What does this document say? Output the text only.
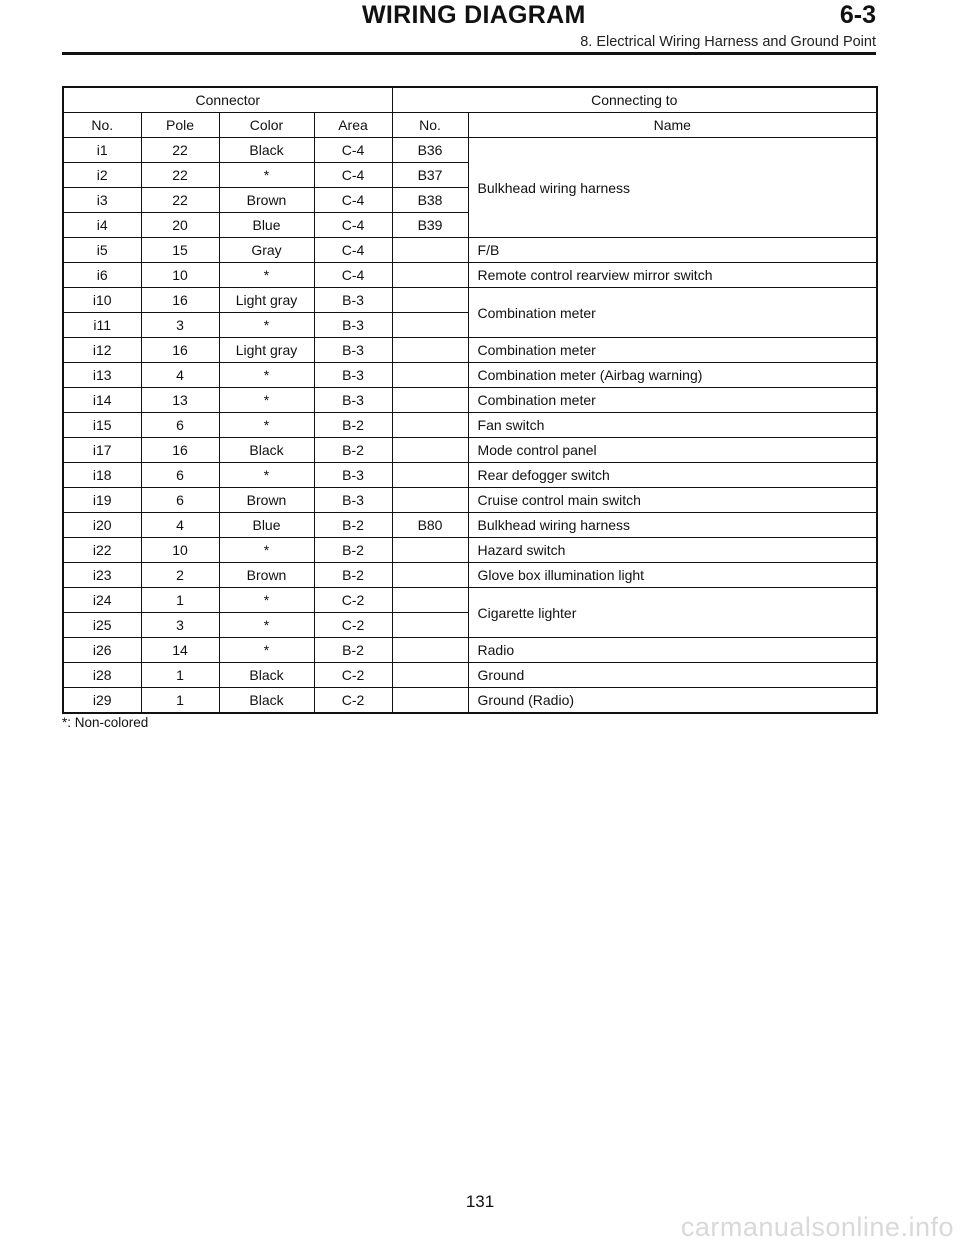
WIRING DIAGRAM	6-3
8. Electrical Wiring Harness and Ground Point
Connector				Connecting to	
No.	Pole	Color	Area	No.	Name
i1	22	Black	C-4	B36	Bulkhead wiring harness
i2	22	*	C-4	B37	
i3	22	Brown	C-4	B38	
i4	20	Blue	C-4	B39	
i5	15	Gray	C-4		F/B
i6	10	*	C-4		Remote control rearview mirror switch
i10	16	Light gray	B-3		Combination meter
i11	3	*	B-3		
i12	16	Light gray	B-3		Combination meter
i13	4	*	B-3		Combination meter (Airbag warning)
i14	13	*	B-3		Combination meter
i15	6	*	B-2		Fan switch
i17	16	Black	B-2		Mode control panel
i18	6	*	B-3		Rear defogger switch
i19	6	Brown	B-3		Cruise control main switch
i20	4	Blue	B-2	B80	Bulkhead wiring harness
i22	10	*	B-2		Hazard switch
i23	2	Brown	B-2		Glove box illumination light
i24	1	*	C-2		Cigarette lighter
i25	3	*	C-2		
i26	14	*	B-2		Radio
i28	1	Black	C-2		Ground
i29	1	Black	C-2		Ground (Radio)
*: Non-colored
131
carmanualsonline.info
